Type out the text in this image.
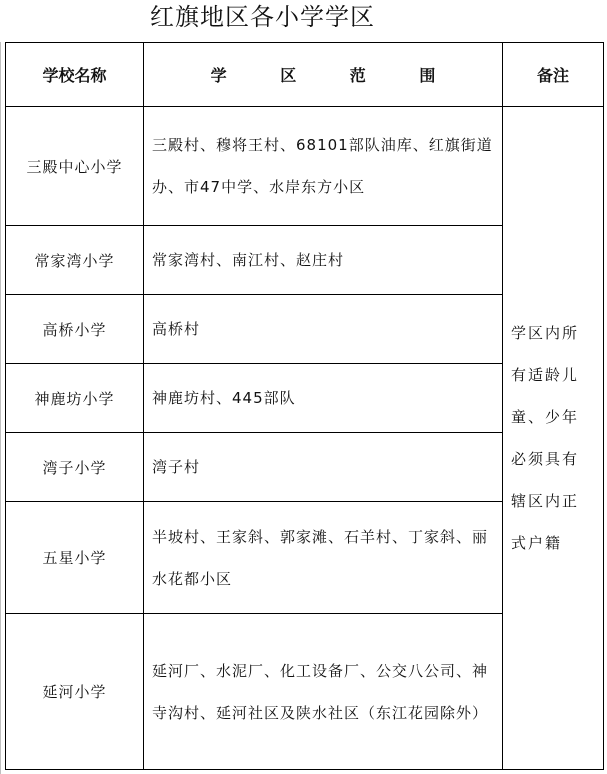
红旗地区各小学学区
学校名称	学 区 范 围	备注
三殿中心小学	三殿村、穆将王村、68101部队油库、红旗街道办、市47中学、水岸东方小区	学区内所有适龄儿童、少年必须具有辖区内正式户籍
常家湾小学	常家湾村、南江村、赵庄村	
高桥小学	高桥村	
神鹿坊小学	神鹿坊村、445部队	
湾子小学	湾子村	
五星小学	半坡村、王家斜、郭家滩、石羊村、丁家斜、丽水花都小区	
延河小学	延河厂、水泥厂、化工设备厂、公交八公司、神寺沟村、延河社区及陕水社区（东江花园除外）	
